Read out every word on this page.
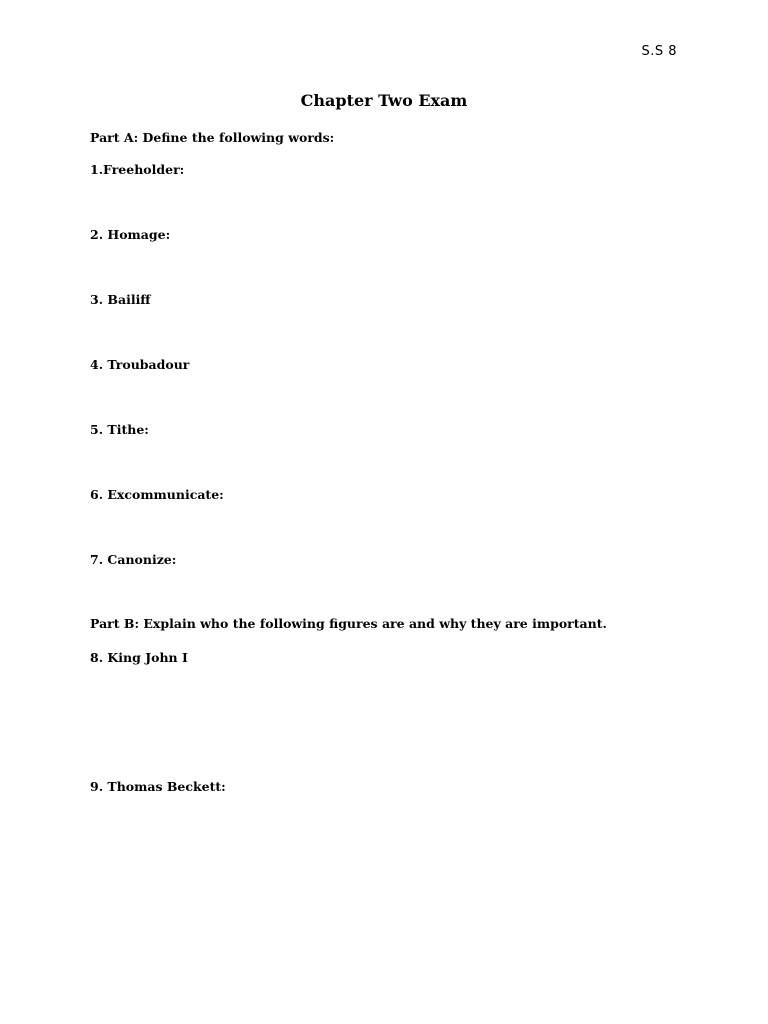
S.S 8
Chapter Two Exam
Part A: Define the following words:
1.Freeholder:
2. Homage:
3. Bailiff
4. Troubadour
5. Tithe:
6. Excommunicate:
7. Canonize:
Part B: Explain who the following figures are and why they are important.
8. King John I
9. Thomas Beckett:
